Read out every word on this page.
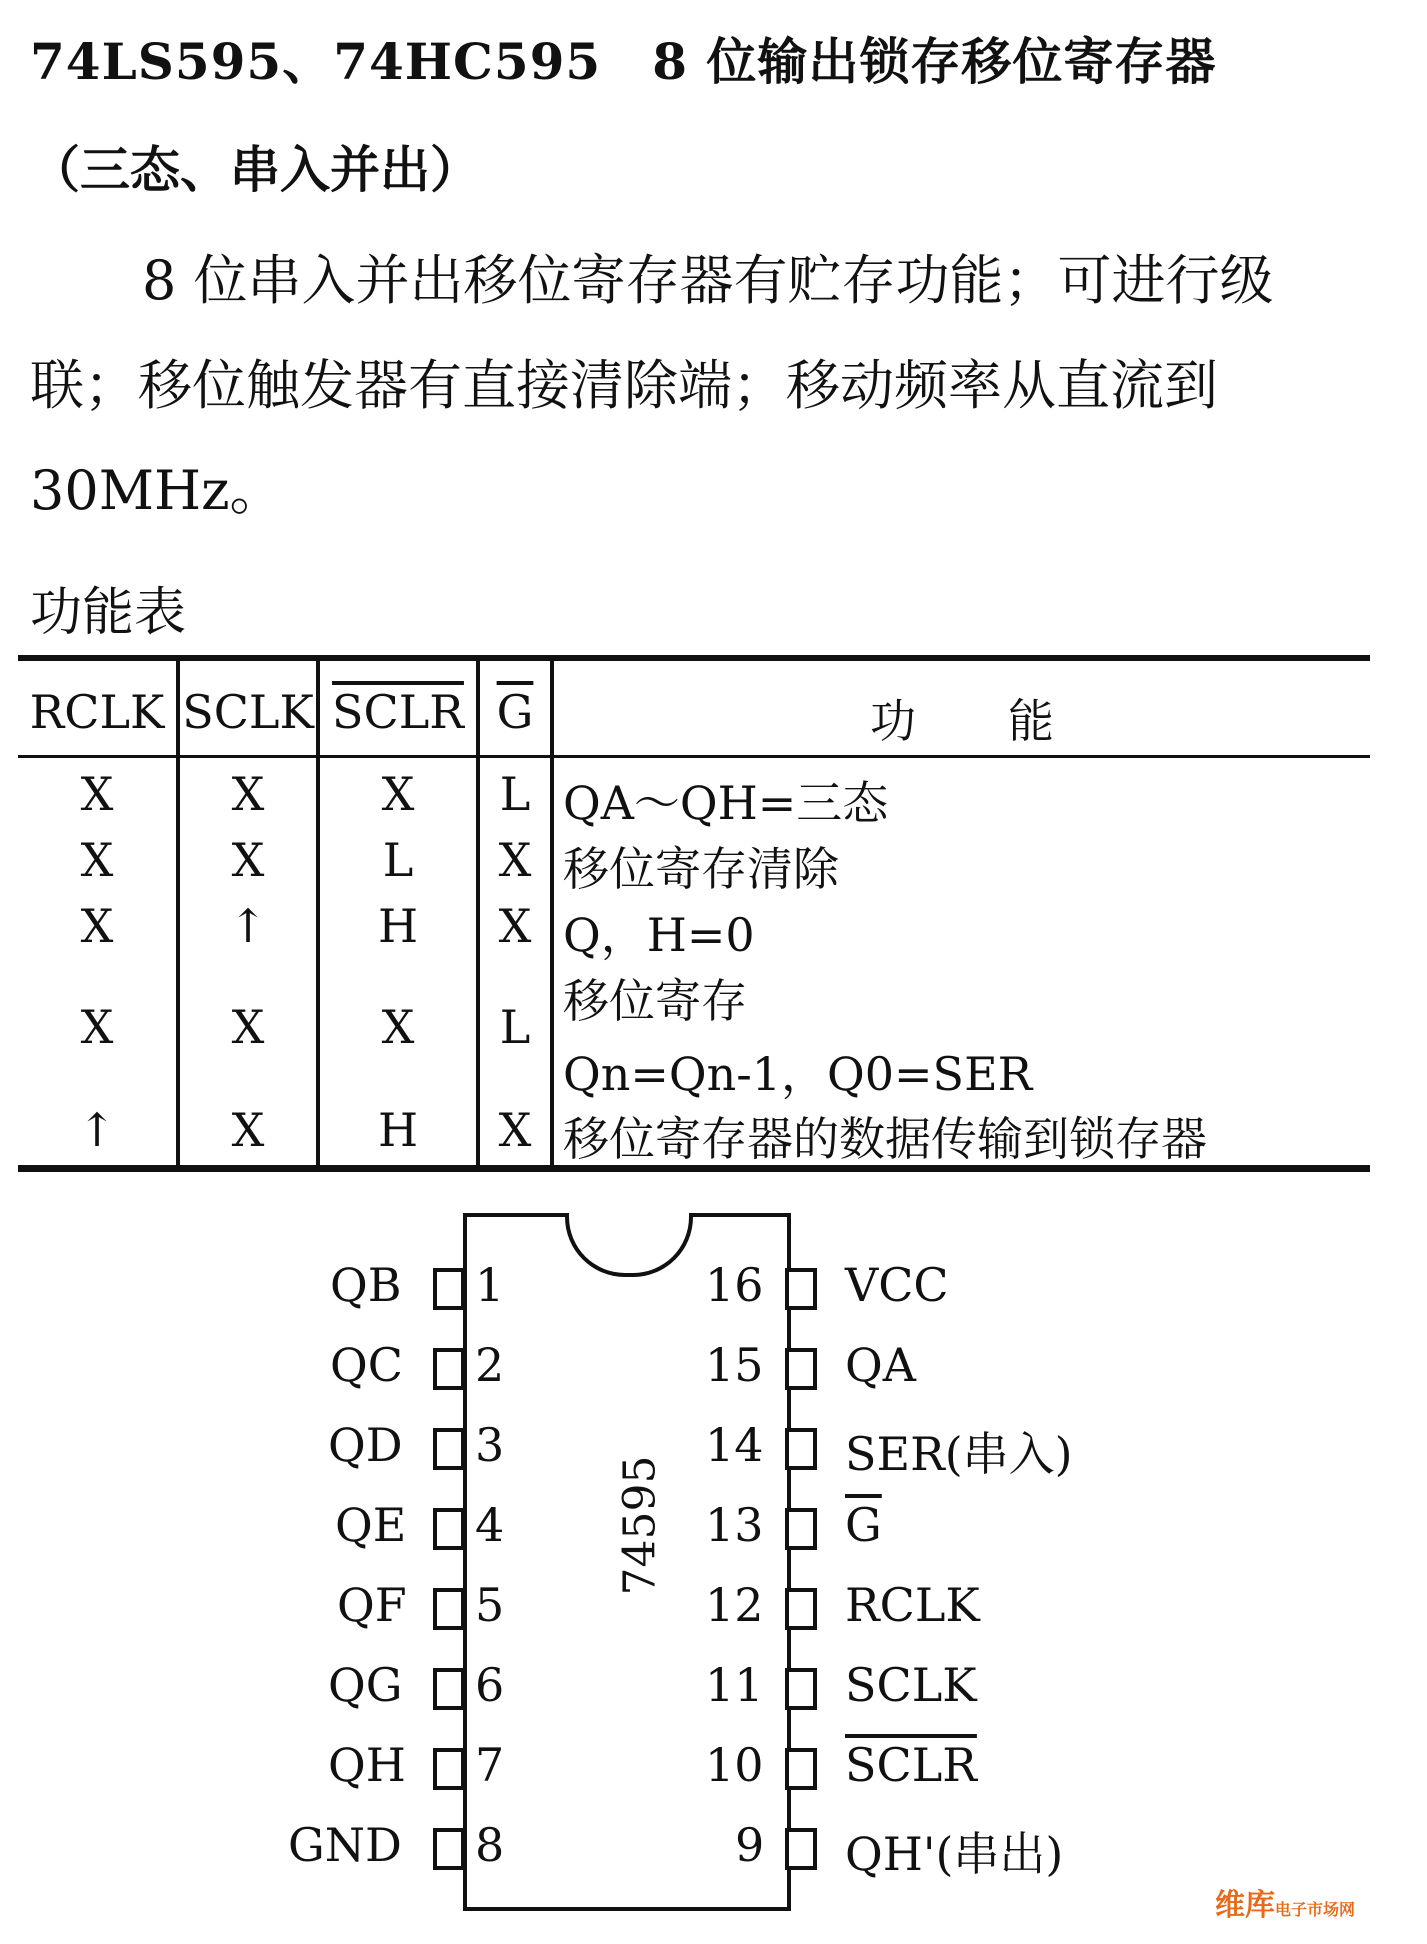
74LS595、74HC595　8 位输出锁存移位寄存器
（三态、串入并出）
8 位串入并出移位寄存器有贮存功能；可进行级联；移位触发器有直接清除端；移动频率从直流到 30MHz。
功能表
RCLK SCLK SCLR $\overline{G}$	功　　能
X	X	X	L QA～QH=三态
X	X	L	X 移位寄存清除
X	↑	H	X Q，H=0
X	X	X	L 移位寄存
Qn=Qn-1，Q0=SER
↑	X	H	X 移位寄存器的数据传输到锁存器
74595
QB
QC
QD
QE
QF
QG
QH
GND
1
2
3
4
5
6
7
8
16
15
14
13
12
11
10
9
VCC
QA
SER(串入)
$\overline{G}$
RCLK
SCLK
SCLR
QH'(串出)
维库电子市场网
